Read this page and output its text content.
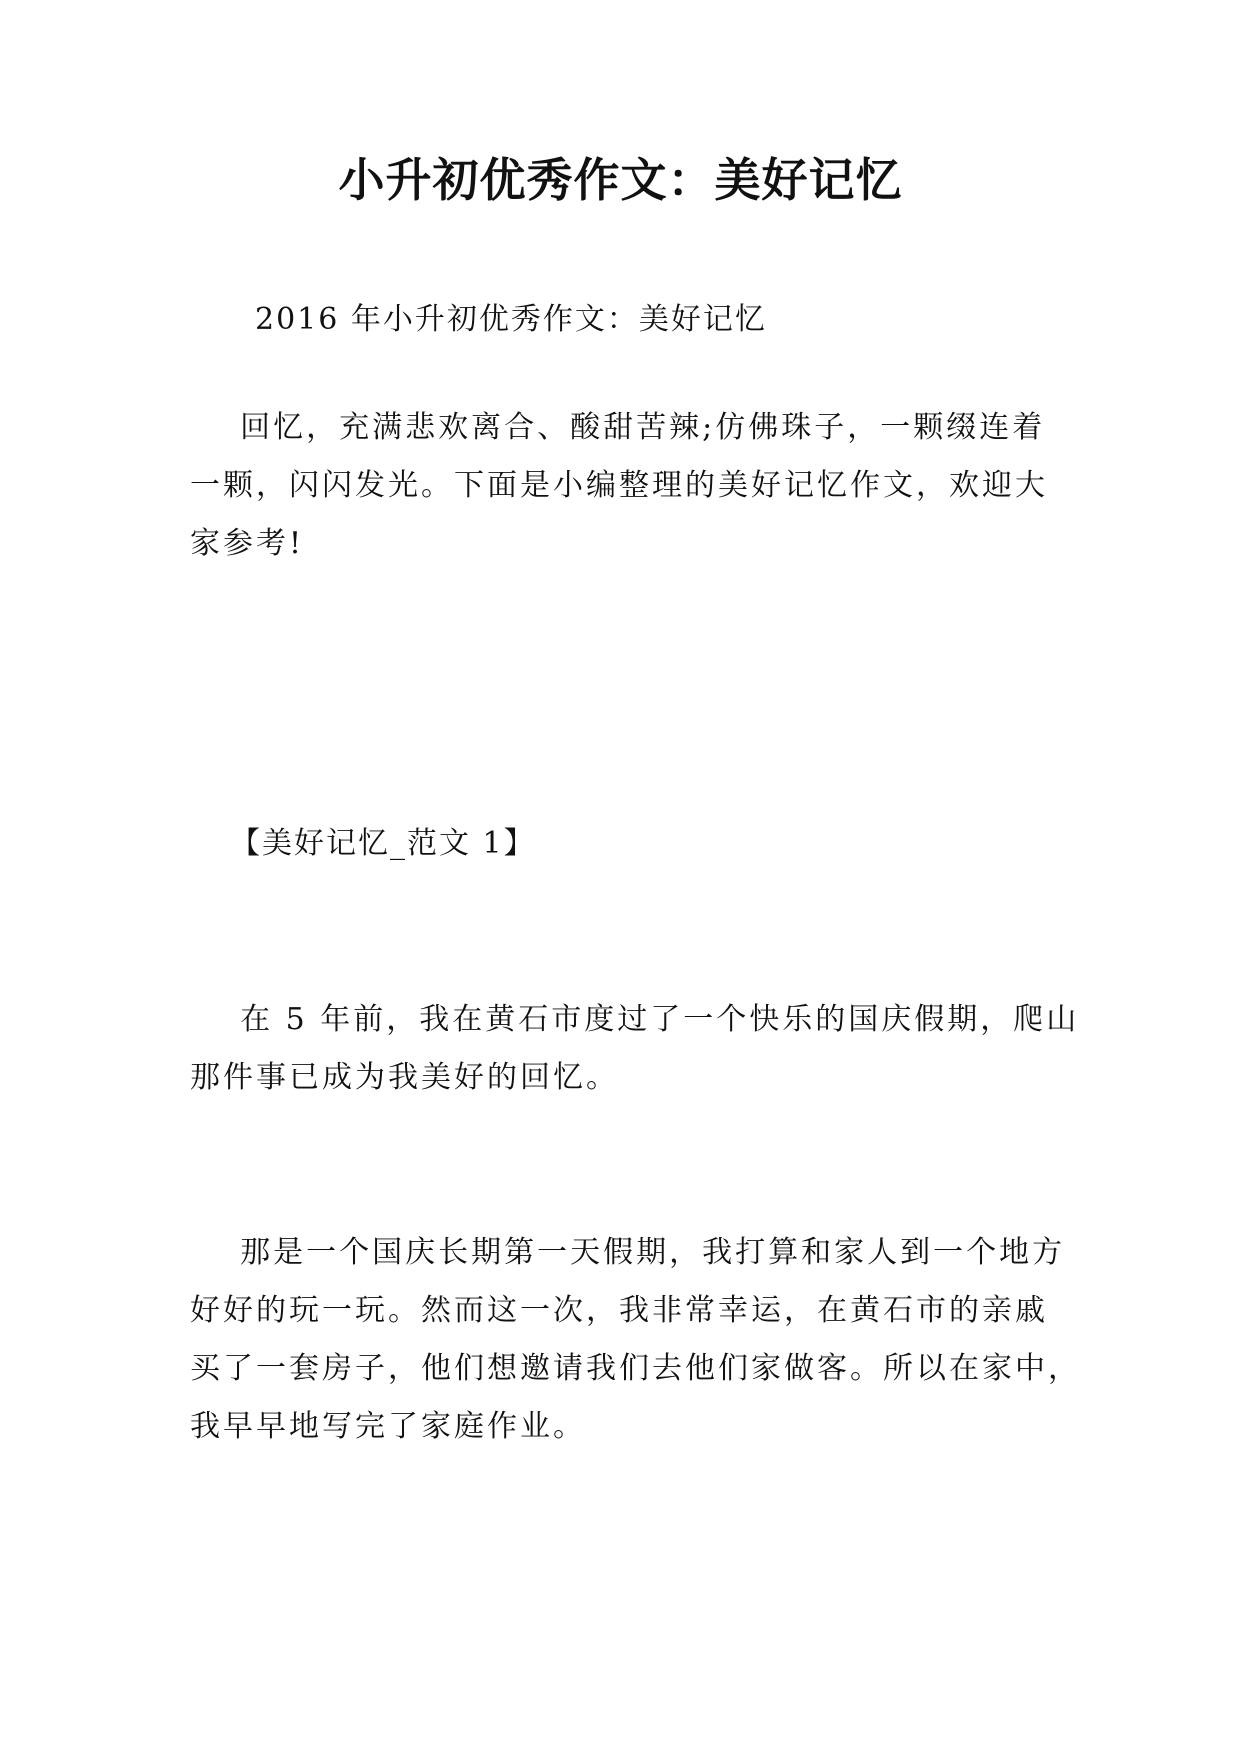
小升初优秀作文：美好记忆

2016 年小升初优秀作文：美好记忆

回忆，充满悲欢离合、酸甜苦辣;仿佛珠子，一颗缀连着

一颗，闪闪发光。下面是小编整理的美好记忆作文，欢迎大

家参考!

【美好记忆_范文 1】

在 5 年前，我在黄石市度过了一个快乐的国庆假期，爬山

那件事已成为我美好的回忆。

那是一个国庆长期第一天假期，我打算和家人到一个地方

好好的玩一玩。然而这一次，我非常幸运，在黄石市的亲戚

买了一套房子，他们想邀请我们去他们家做客。所以在家中，

我早早地写完了家庭作业。
